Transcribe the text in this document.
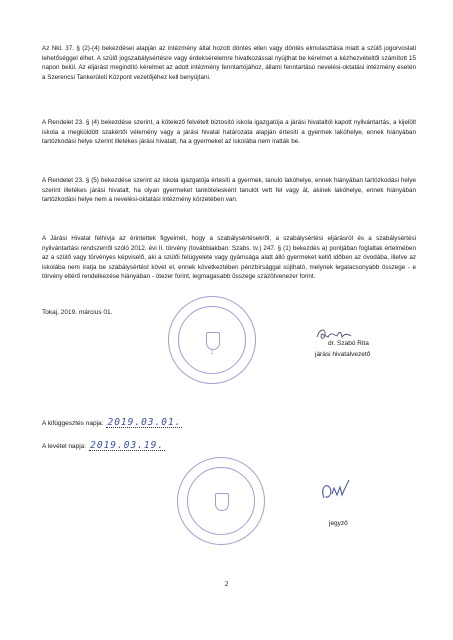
Az Nkt. 37. § (2)-(4) bekezdései alapján az intézmény által hozott döntés ellen vagy döntés elmulasztása miatt a szülő jogorvoslati lehetőséggel élhet. A szülő jogszabálysértésre vagy érdeksérelemre hivatkozással nyújthat be kérelmet a kézhezvételtől számított 15 napon belül. Az eljárást megindító kérelmet az adott intézmény fenntartójához, állami fenntartású nevelési-oktatási intézmény esetén a Szerencsi Tankerületi Központ vezetőjéhez kell benyújtani.

A Rendelet 23. § (4) bekezdése szerint, a kötelező felvételt biztosító iskola igazgatója a járási hivataltól kapott nyilvántartás, a kijelölt iskola a megküldött szakértői vélemény vagy a járási hivatal határozata alapján értesíti a gyermek lakóhelye, ennek hiányában tartózkodási helye szerint illetékes járási hivatalt, ha a gyermeket az iskolába nem íratták be.

A Rendelet 23. § (5) bekezdése szerint az iskola igazgatója értesíti a gyermek, tanuló lakóhelye, ennek hiányában tartózkodási helye szerint illetékes járási hivatalt, ha olyan gyermeket tankötelesként tanulót vett fel vagy át, akinek lakóhelye, ennek hiányában tartózkodási helye nem a nevelési-oktatási intézmény körzetében van.

A Járási Hivatal felhívja az érintettek figyelmét, hogy a szabálysértésekről, a szabálysértési eljárásról és a szabálysértési nyilvántartási rendszerről szóló 2012. évi II. törvény (továbbiakban: Szabs. tv.) 247. § (1) bekezdés a) pontjában foglaltak értelmében az a szülő vagy törvényes képviselő, aki a szülői felügyelete vagy gyámsága alatt álló gyermeket kellő időben az óvodába, illetve az iskolába nem íratja be szabálysértést követ el, ennek következtében pénzbírsággal sújtható, melynek legalacsonyabb összege - e törvény eltérő rendelkezése hiányában - ötezer forint, legmagasabb összege százötvenezer forint.

Tokaj, 2019. március 01.
1
dr. Szabó Rita
járási hivatalvezető
A kifüggesztés napja: 2019.03.01.
A levétel napja: 2019.03.19.
jegyző
2
